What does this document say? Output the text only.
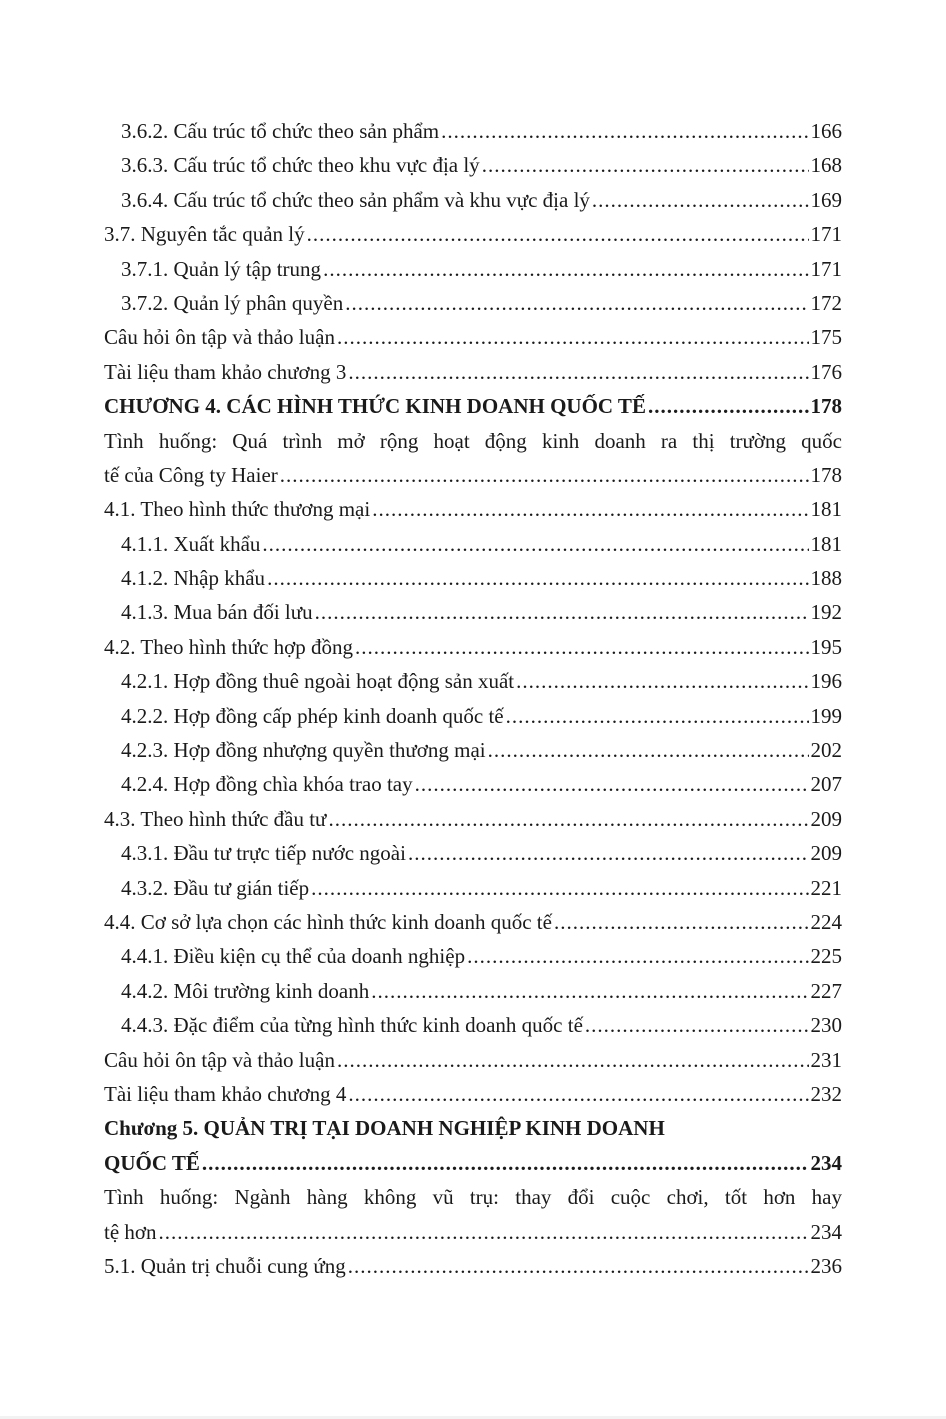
3.6.2. Cấu trúc tổ chức theo sản phẩm .....	166
3.6.3. Cấu trúc tổ chức theo khu vực địa lý .....	168
3.6.4. Cấu trúc tổ chức theo sản phẩm và khu vực địa lý .....	169
3.7. Nguyên tắc quản lý .....	171
3.7.1. Quản lý tập trung .....	171
3.7.2. Quản lý phân quyền .....	172
Câu hỏi ôn tập và thảo luận .....	175
Tài liệu tham khảo chương 3 .....	176
CHƯƠNG 4. CÁC HÌNH THỨC KINH DOANH QUỐC TẾ .....	178
Tình huống: Quá trình mở rộng hoạt động kinh doanh ra thị trường quốc
tế của Công ty Haier .....	178
4.1. Theo hình thức thương mại .....	181
4.1.1. Xuất khẩu .....	181
4.1.2. Nhập khẩu .....	188
4.1.3. Mua bán đối lưu .....	192
4.2. Theo hình thức hợp đồng .....	195
4.2.1. Hợp đồng thuê ngoài hoạt động sản xuất .....	196
4.2.2. Hợp đồng cấp phép kinh doanh quốc tế .....	199
4.2.3. Hợp đồng nhượng quyền thương mại .....	202
4.2.4. Hợp đồng chìa khóa trao tay .....	207
4.3. Theo hình thức đầu tư .....	209
4.3.1. Đầu tư trực tiếp nước ngoài .....	209
4.3.2. Đầu tư gián tiếp .....	221
4.4. Cơ sở lựa chọn các hình thức kinh doanh quốc tế .....	224
4.4.1. Điều kiện cụ thể của doanh nghiệp .....	225
4.4.2. Môi trường kinh doanh .....	227
4.4.3. Đặc điểm của từng hình thức kinh doanh quốc tế .....	230
Câu hỏi ôn tập và thảo luận .....	231
Tài liệu tham khảo chương 4 .....	232
Chương 5. QUẢN TRỊ TẠI DOANH NGHIỆP KINH DOANH
QUỐC TẾ .....	234
Tình huống: Ngành hàng không vũ trụ: thay đổi cuộc chơi, tốt hơn hay
tệ hơn .....	234
5.1. Quản trị chuỗi cung ứng .....	236
